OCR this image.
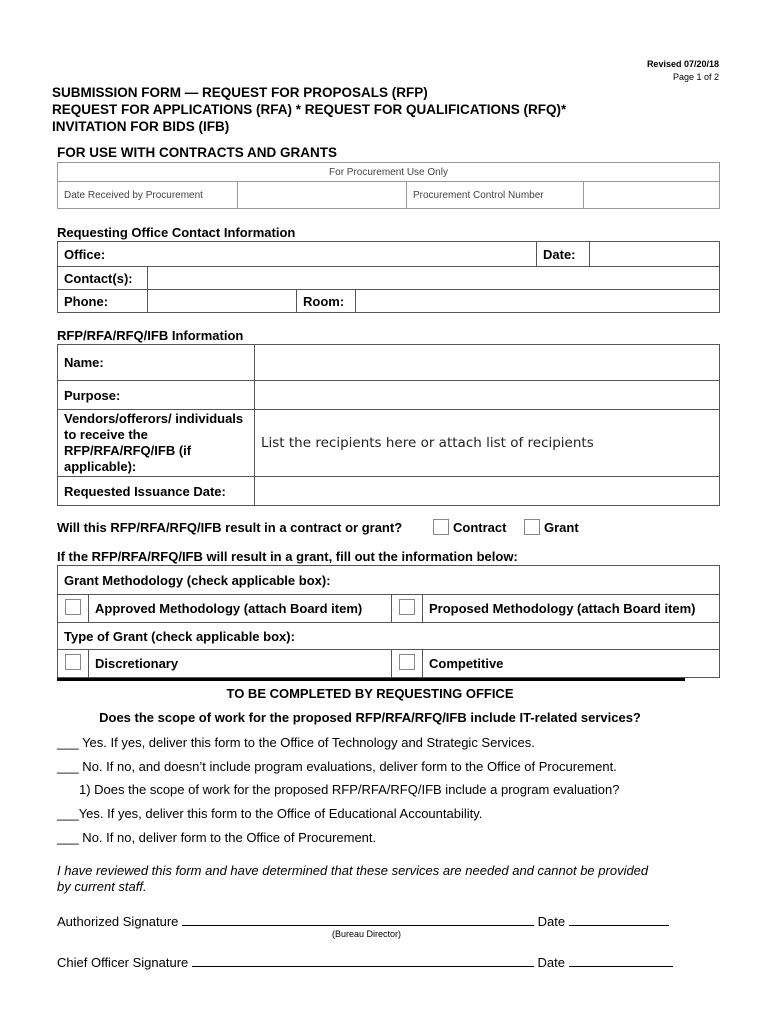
Revised 07/20/18
Page 1 of 2
SUBMISSION FORM — REQUEST FOR PROPOSALS (RFP)
REQUEST FOR APPLICATIONS (RFA) * REQUEST FOR QUALIFICATIONS (RFQ)*
INVITATION FOR BIDS (IFB)
FOR USE WITH CONTRACTS AND GRANTS
For Procurement Use Only
Date Received by Procurement		Procurement Control Number	
Requesting Office Contact Information
Office:				Date:	
Contact(s):					
Phone:		Room:			
RFP/RFA/RFQ/IFB Information
Name:	
Purpose:	
Vendors/offerors/ individuals to receive the RFP/RFA/RFQ/IFB (if applicable):	List the recipients here or attach list of recipients
Requested Issuance Date:	
Will this RFP/RFA/RFQ/IFB result in a contract or grant?	Contract	Grant
If the RFP/RFA/RFQ/IFB will result in a grant, fill out the information below:
Grant Methodology (check applicable box):			
	Approved Methodology (attach Board item)		Proposed Methodology (attach Board item)
Type of Grant (check applicable box):			
	Discretionary		Competitive
TO BE COMPLETED BY REQUESTING OFFICE
Does the scope of work for the proposed RFP/RFA/RFQ/IFB include IT-related services?
___ Yes. If yes, deliver this form to the Office of Technology and Strategic Services.
___ No. If no, and doesn’t include program evaluations, deliver form to the Office of Procurement.
1) Does the scope of work for the proposed RFP/RFA/RFQ/IFB include a program evaluation?
___Yes. If yes, deliver this form to the Office of Educational Accountability.
___ No. If no, deliver form to the Office of Procurement.
I have reviewed this form and have determined that these services are needed and cannot be provided by current staff.
Authorized Signature	Date
(Bureau Director)
Chief Officer Signature	Date
